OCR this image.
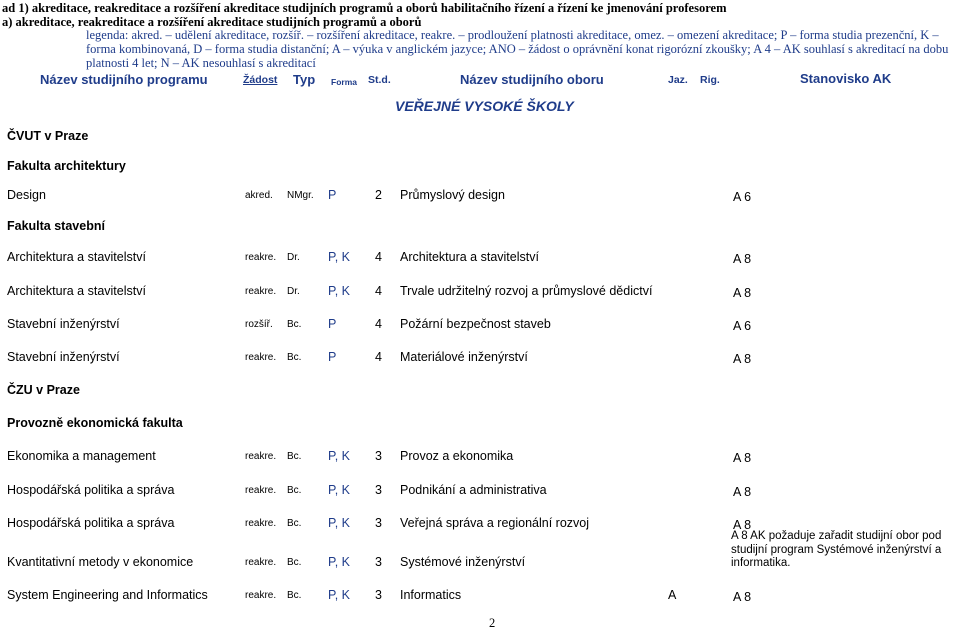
ad 1) akreditace, reakreditace a rozšíření akreditace studijních programů a oborů habilitačního řízení a řízení ke jmenování profesorem
a) akreditace, reakreditace a rozšíření akreditace studijních programů a oborů
legenda: akred. – udělení akreditace, rozšíř. – rozšíření akreditace, reakre. – prodloužení platnosti akreditace, omez. – omezení akreditace; P – forma studia prezenční, K –
forma kombinovaná, D – forma studia distanční; A – výuka v anglickém jazyce; ANO – žádost o oprávnění konat rigorózní zkoušky; A 4 – AK souhlasí s akreditací na dobu
platnosti 4 let; N – AK nesouhlasí s akreditací
Název studijního programu	Žádost Typ Forma St.d.	Název studijního oboru	Jaz. Rig.	Stanovisko AK
VEŘEJNÉ VYSOKÉ ŠKOLY
ČVUT v Praze
Fakulta architektury
Fakulta stavební
ČZU v Praze
Provozně ekonomická fakulta
Design	akred. NMgr. P	2 Průmyslový design	A 6
Architektura a stavitelství	reakre. Dr. P, K 4 Architektura a stavitelství	A 8
Architektura a stavitelství	reakre. Dr. P, K 4 Trvale udržitelný rozvoj a průmyslové dědictví	A 8
Stavební inženýrství	rozšíř. Bc. P	4 Požární bezpečnost staveb	A 6
Stavební inženýrství	reakre. Bc. P	4 Materiálové inženýrství	A 8
Ekonomika a management	reakre. Bc. P, K 3 Provoz a ekonomika	A 8
Hospodářská politika a správa	reakre. Bc. P, K 3 Podnikání a administrativa	A 8
Hospodářská politika a správa	reakre. Bc. P, K 3 Veřejná správa a regionální rozvoj	A 8
Kvantitativní metody v ekonomice	reakre. Bc. P, K 3 Systémové inženýrství
A 8 AK požaduje zařadit studijní obor pod studijní program Systémové inženýrství a informatika.
System Engineering and Informatics	reakre. Bc. P, K 3 Informatics	A	A 8
2
